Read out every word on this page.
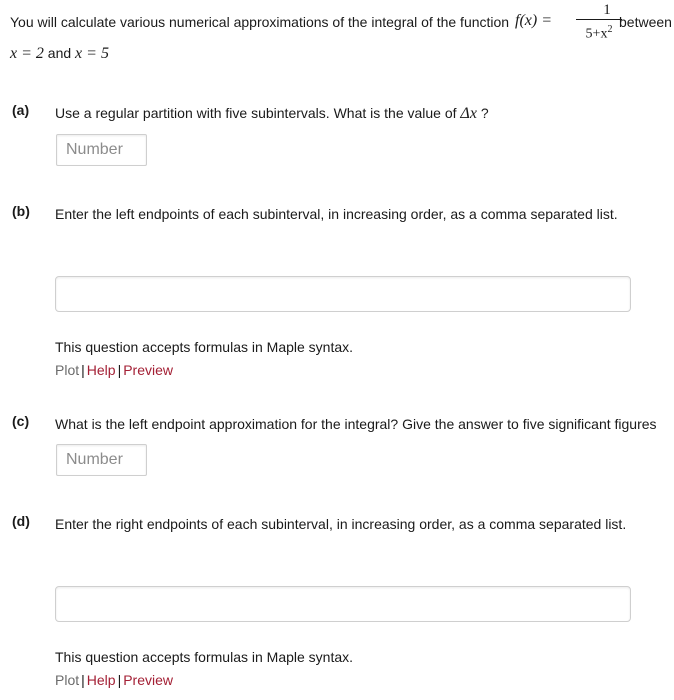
You will calculate various numerical approximations of the integral of the function f(x) =
1
$5+x^2$ between
x = 2 and x = 5
(a) Use a regular partition with five subintervals. What is the value of Δx ?
Number
(b) Enter the left endpoints of each subinterval, in increasing order, as a comma separated list.
This question accepts formulas in Maple syntax.
Plot | Help | Preview
(c) What is the left endpoint approximation for the integral? Give the answer to five significant figures
Number
(d) Enter the right endpoints of each subinterval, in increasing order, as a comma separated list.
This question accepts formulas in Maple syntax.
Plot | Help | Preview
